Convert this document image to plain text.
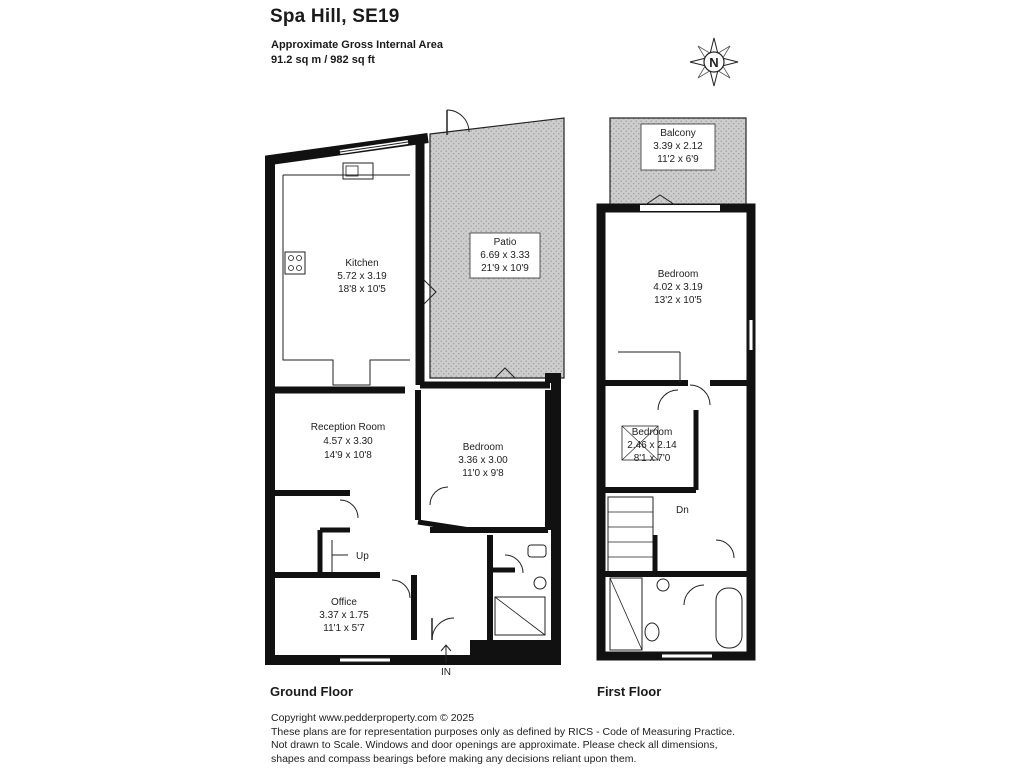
Spa Hill, SE19
Approximate Gross Internal Area
91.2 sq m / 982 sq ft	N
Kitchen
5.72 x 3.19
18'8 x 10'5
Patio
6.69 x 3.33
21'9 x 10'9
Reception Room
4.57 x 3.30
14'9 x 10'8
Bedroom
3.36 x 3.00
11'0 x 9'8
Office
3.37 x 1.75
11'1 x 5'7
Up
IN
Balcony
3.39 x 2.12
11'2 x 6'9
Bedroom
4.02 x 3.19
13'2 x 10'5
Bedroom
2.46 x 2.14
8'1 x 7'0
Dn
Ground Floor	First Floor
Copyright www.pedderproperty.com © 2025
These plans are for representation purposes only as defined by RICS - Code of Measuring Practice.
Not drawn to Scale. Windows and door openings are approximate. Please check all dimensions,
shapes and compass bearings before making any decisions reliant upon them.
